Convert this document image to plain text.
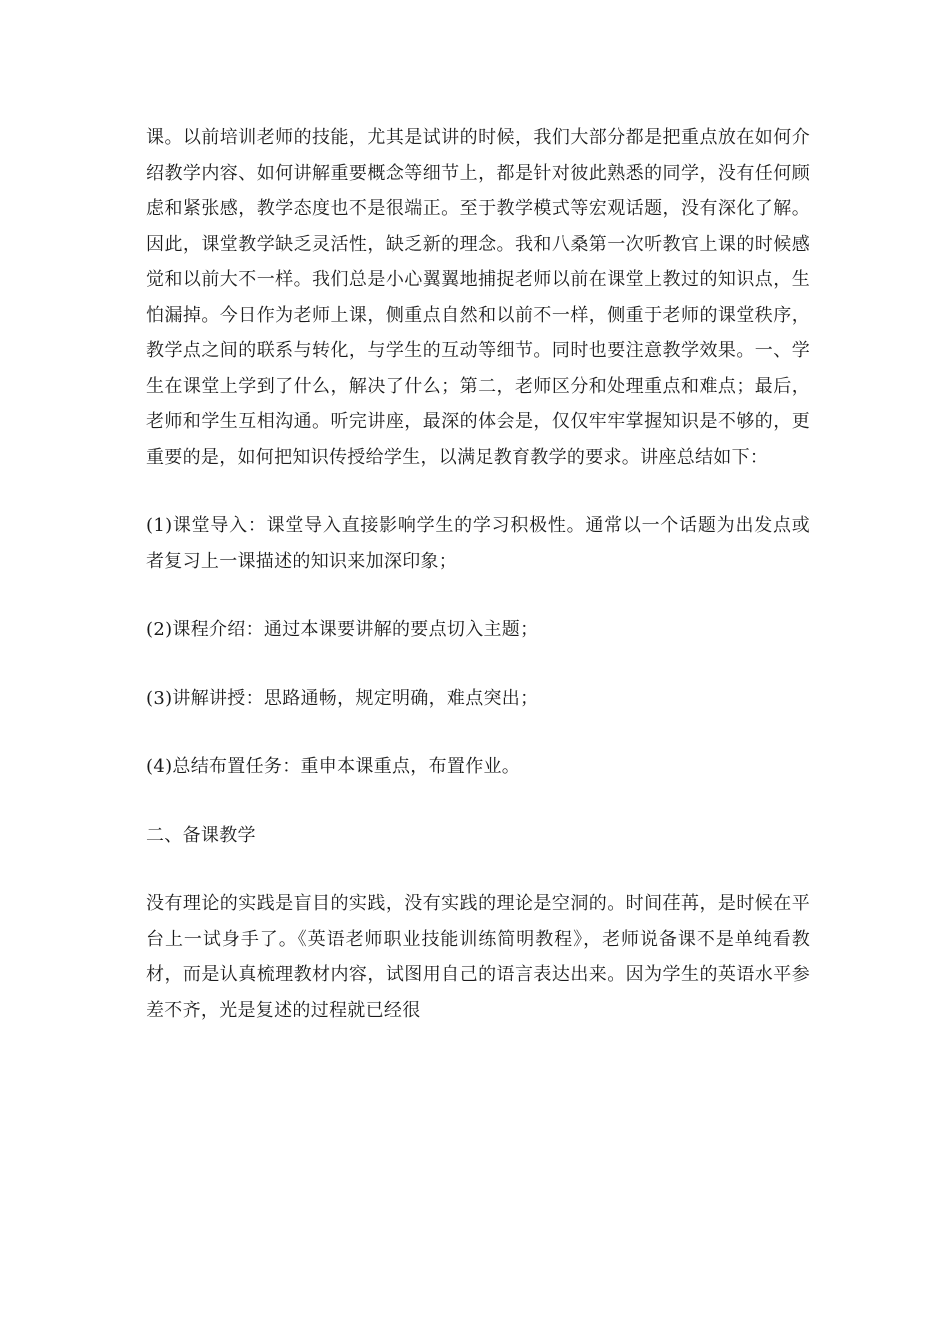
课。以前培训老师的技能，尤其是试讲的时候，我们大部分都是把重点放在如何介绍教学内容、如何讲解重要概念等细节上，都是针对彼此熟悉的同学，没有任何顾虑和紧张感，教学态度也不是很端正。至于教学模式等宏观话题，没有深化了解。因此，课堂教学缺乏灵活性，缺乏新的理念。我和八桑第一次听教官上课的时候感觉和以前大不一样。我们总是小心翼翼地捕捉老师以前在课堂上教过的知识点，生怕漏掉。今日作为老师上课，侧重点自然和以前不一样，侧重于老师的课堂秩序，教学点之间的联系与转化，与学生的互动等细节。同时也要注意教学效果。一、学生在课堂上学到了什么，解决了什么；第二，老师区分和处理重点和难点；最后，老师和学生互相沟通。听完讲座，最深的体会是，仅仅牢牢掌握知识是不够的，更重要的是，如何把知识传授给学生，以满足教育教学的要求。讲座总结如下：

(1)课堂导入：课堂导入直接影响学生的学习积极性。通常以一个话题为出发点或者复习上一课描述的知识来加深印象；

(2)课程介绍：通过本课要讲解的要点切入主题；

(3)讲解讲授：思路通畅，规定明确，难点突出；

(4)总结布置任务：重申本课重点，布置作业。

二、备课教学

没有理论的实践是盲目的实践，没有实践的理论是空洞的。时间荏苒，是时候在平台上一试身手了。《英语老师职业技能训练简明教程》，老师说备课不是单纯看教材，而是认真梳理教材内容，试图用自己的语言表达出来。因为学生的英语水平参差不齐，光是复述的过程就已经很
